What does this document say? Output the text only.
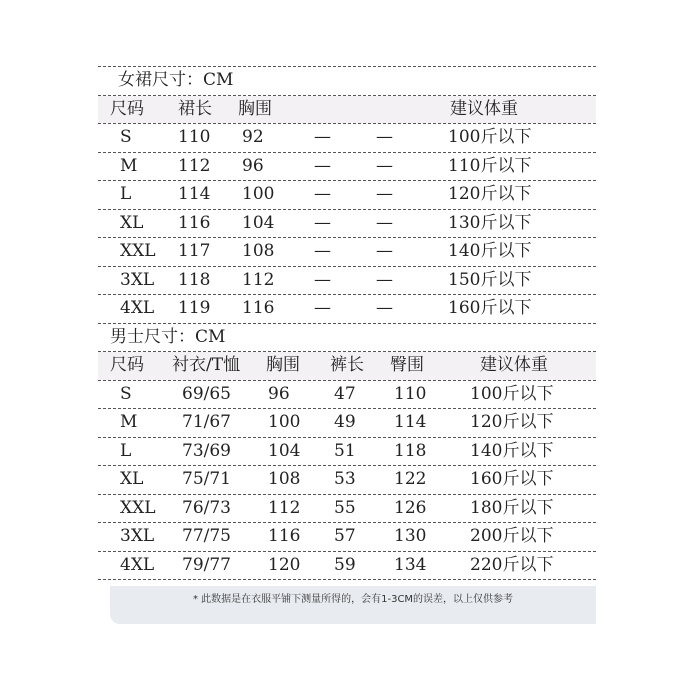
女裙尺寸：CM
尺码 裙长 胸围	建议体重
S	110 92	—	—	100斤以下
M 112 96	—	—	110斤以下
L	114 100 —	—	120斤以下
XL 116 104 —	—	130斤以下
XXL 117 108 —	—	140斤以下
3XL 118 112 —	—	150斤以下
4XL 119 116 —	—	160斤以下
男士尺寸：CM
尺码 衬衣/T恤 胸围 裤长 臀围	建议体重
S	69/65 96	47 110	100斤以下
M	71/67 100 49 114	120斤以下
L	73/69 104 51 118	140斤以下
XL 75/71 108 53 122	160斤以下
XXL 76/73 112 55 126	180斤以下
3XL 77/75 116 57 130	200斤以下
4XL 79/77 120 59 134	220斤以下
* 此数据是在衣服平铺下测量所得的，会有1-3CM的误差，以上仅供参考
